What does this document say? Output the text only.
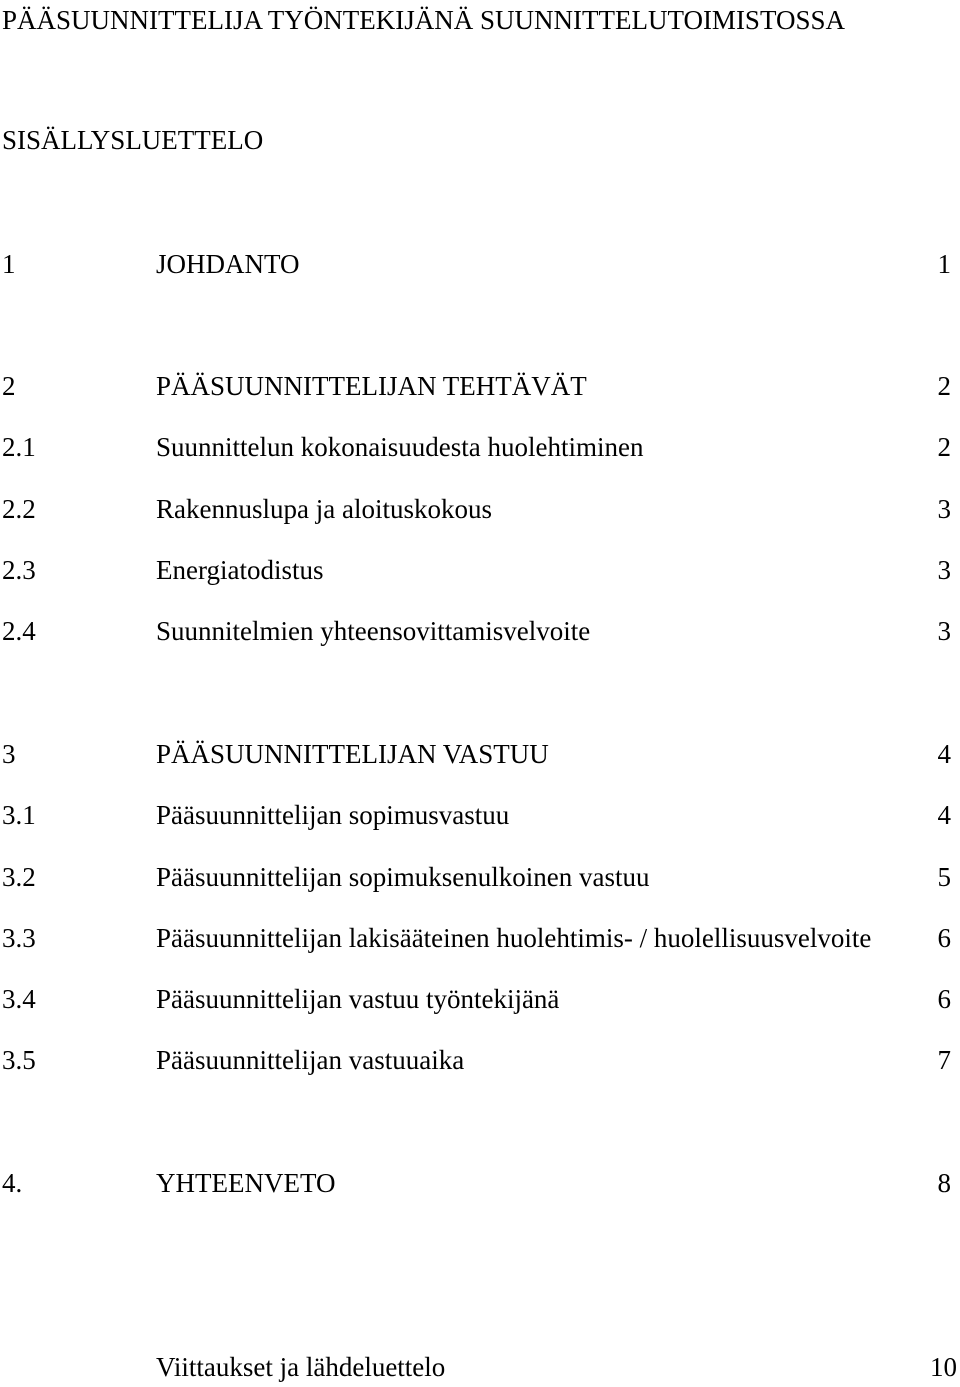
PÄÄSUUNNITTELIJA TYÖNTEKIJÄNÄ SUUNNITTELUTOIMISTOSSA
SISÄLLYSLUETTELO
1	JOHDANTO	1
2	PÄÄSUUNNITTELIJAN TEHTÄVÄT	2
2.1	Suunnittelun kokonaisuudesta huolehtiminen	2
2.2	Rakennuslupa ja aloituskokous	3
2.3	Energiatodistus	3
2.4	Suunnitelmien yhteensovittamisvelvoite	3
3	PÄÄSUUNNITTELIJAN VASTUU	4
3.1	Pääsuunnittelijan sopimusvastuu	4
3.2	Pääsuunnittelijan sopimuksenulkoinen vastuu	5
3.3	Pääsuunnittelijan lakisääteinen huolehtimis- / huolellisuusvelvoite 6
3.4	Pääsuunnittelijan vastuu työntekijänä	6
3.5	Pääsuunnittelijan vastuuaika	7
4.	YHTEENVETO	8
Viittaukset ja lähdeluettelo	10
